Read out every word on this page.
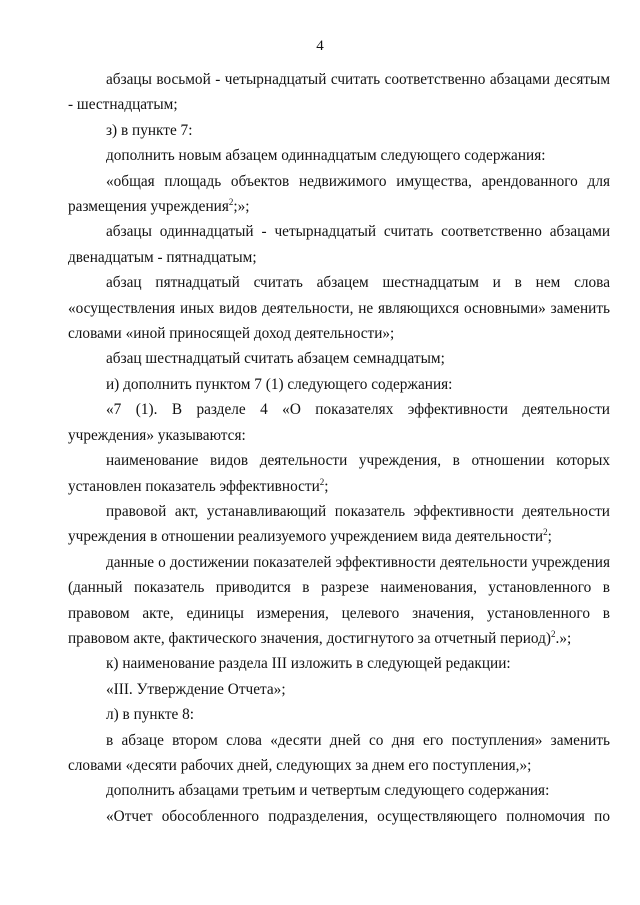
4

абзацы восьмой - четырнадцатый считать соответственно абзацами десятым - шестнадцатым;

з) в пункте 7:

дополнить новым абзацем одиннадцатым следующего содержания:

«общая площадь объектов недвижимого имущества, арендованного для размещения учреждения$^2$;»;

абзацы одиннадцатый - четырнадцатый считать соответственно абзацами двенадцатым - пятнадцатым;

абзац пятнадцатый считать абзацем шестнадцатым и в нем слова «осуществления иных видов деятельности, не являющихся основными» заменить словами «иной приносящей доход деятельности»;

абзац шестнадцатый считать абзацем семнадцатым;

и) дополнить пунктом 7 (1) следующего содержания:

«7 (1). В разделе 4 «О показателях эффективности деятельности учреждения» указываются:

наименование видов деятельности учреждения, в отношении которых установлен показатель эффективности$^2$;

правовой акт, устанавливающий показатель эффективности деятельности учреждения в отношении реализуемого учреждением вида деятельности$^2$;

данные о достижении показателей эффективности деятельности учреждения (данный показатель приводится в разрезе наименования, установленного в правовом акте, единицы измерения, целевого значения, установленного в правовом акте, фактического значения, достигнутого за отчетный период)$^2$.»;

к) наименование раздела III изложить в следующей редакции:

«III. Утверждение Отчета»;

л) в пункте 8:

в абзаце втором слова «десяти дней со дня его поступления» заменить словами «десяти рабочих дней, следующих за днем его поступления,»;

дополнить абзацами третьим и четвертым следующего содержания:

«Отчет обособленного подразделения, осуществляющего полномочия по
